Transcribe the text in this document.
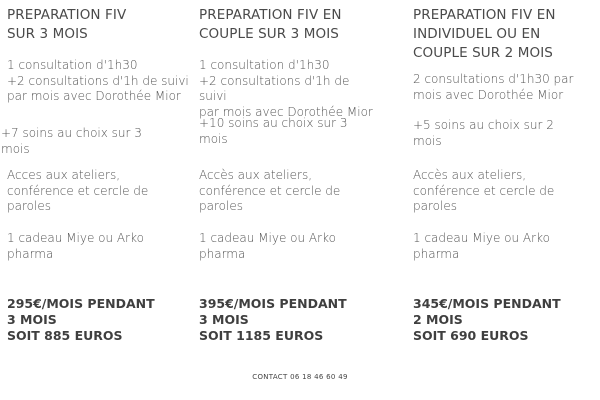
PREPARATION FIV
SUR 3 MOIS

1 consultation d'1h30
+2 consultations d'1h de suivi
par mois avec Dorothée Mior

+7 soins au choix sur 3
mois

Acces aux ateliers,
conférence et cercle de
paroles

1 cadeau Miye ou Arko
pharma

295€/MOIS PENDANT
3 MOIS
SOIT 885 EUROS

PREPARATION FIV EN
COUPLE SUR 3 MOIS

1 consultation d'1h30
+2 consultations d'1h de suivi
par mois avec Dorothée Mior

+10 soins au choix sur 3
mois

Accès aux ateliers,
conférence et cercle de
paroles

1 cadeau Miye ou Arko
pharma

395€/MOIS PENDANT
3 MOIS
SOIT 1185 EUROS

PREPARATION FIV EN
INDIVIDUEL OU EN
COUPLE SUR 2 MOIS

2 consultations d'1h30 par
mois avec Dorothée Mior

+5 soins au choix sur 2
mois

Accès aux ateliers,
conférence et cercle de
paroles

1 cadeau Miye ou Arko
pharma

345€/MOIS PENDANT
2 MOIS
SOIT 690 EUROS

CONTACT 06 18 46 60 49
